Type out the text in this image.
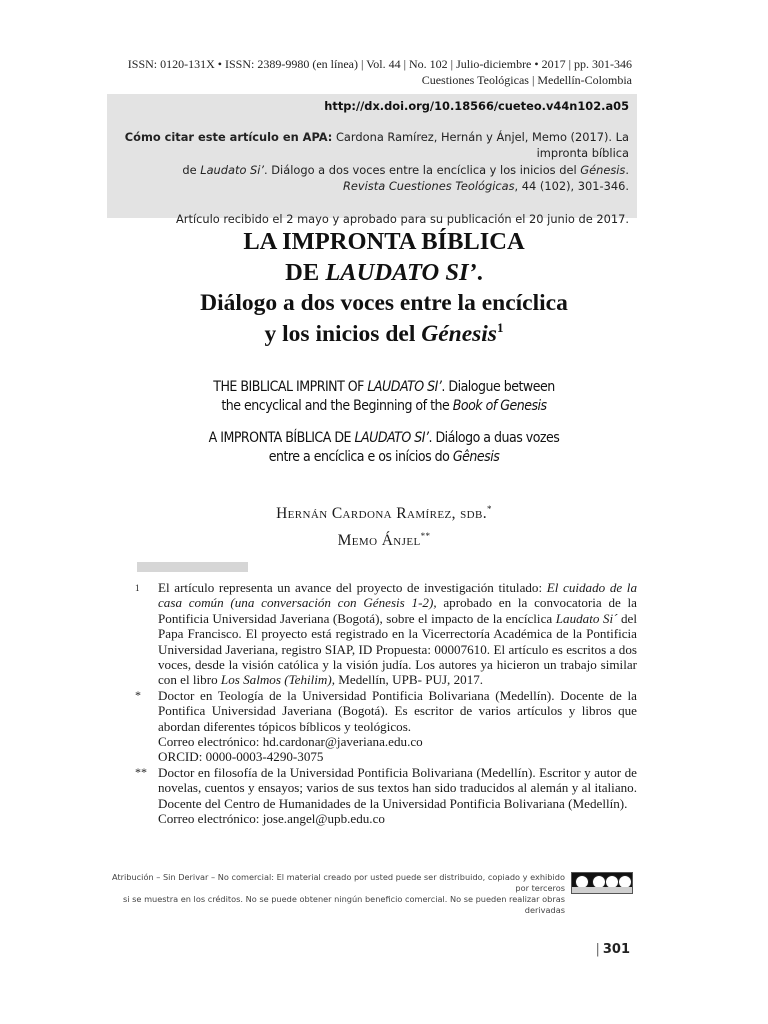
ISSN: 0120-131X • ISSN: 2389-9980 (en línea) | Vol. 44 | No. 102 | Julio-diciembre • 2017 | pp. 301-346
Cuestiones Teológicas | Medellín-Colombia
http://dx.doi.org/10.18566/cueteo.v44n102.a05
Cómo citar este artículo en APA: Cardona Ramírez, Hernán y Ánjel, Memo (2017). La impronta bíblica
de Laudato Si’. Diálogo a dos voces entre la encíclica y los inicios del Génesis.
Revista Cuestiones Teológicas, 44 (102), 301-346.
Artículo recibido el 2 mayo y aprobado para su publicación el 20 junio de 2017.
LA IMPRONTA BÍBLICA
DE LAUDATO SI’.
Diálogo a dos voces entre la encíclica
y los inicios del Génesis$^1$
THE BIBLICAL IMPRINT OF LAUDATO SI’. Dialogue between
the encyclical and the Beginning of the Book of Genesis
A IMPRONTA BÍBLICA DE LAUDATO SI’. Diálogo a duas vozes
entre a encíclica e os inícios do Gênesis
Hernán Cardona Ramírez, sdb.*
Memo Ánjel**
1	El artículo representa un avance del proyecto de investigación titulado: El cuidado de la casa común (una conversación con Génesis 1-2), aprobado en la convocatoria de la Pontificia Universidad Javeriana (Bogotá), sobre el impacto de la encíclica Laudato Si´ del Papa Francisco. El proyecto está registrado en la Vicerrectoría Académica de la Pontificia Universidad Javeriana, registro SIAP, ID Propuesta: 00007610. El artículo es escritos a dos voces, desde la visión católica y la visión judía. Los autores ya hicieron un trabajo similar con el libro Los Salmos (Tehilim), Medellín, UPB- PUJ, 2017.
*	Doctor en Teología de la Universidad Pontificia Bolivariana (Medellín). Docente de la Pontifica Universidad Javeriana (Bogotá). Es escritor de varios artículos y libros que abordan diferentes tópicos bíblicos y teológicos.
Correo electrónico: hd.cardonar@javeriana.edu.co
ORCID: 0000-0003-4290-3075
** Doctor en filosofía de la Universidad Pontificia Bolivariana (Medellín). Escritor y autor de novelas, cuentos y ensayos; varios de sus textos han sido traducidos al alemán y al italiano. Docente del Centro de Humanidades de la Universidad Pontificia Bolivariana (Medellín).
Correo electrónico: jose.angel@upb.edu.co
Atribución – Sin Derivar – No comercial: El material creado por usted puede ser distribuido, copiado y exhibido por terceros
si se muestra en los créditos. No se puede obtener ningún beneficio comercial. No se pueden realizar obras derivadas
| 301
